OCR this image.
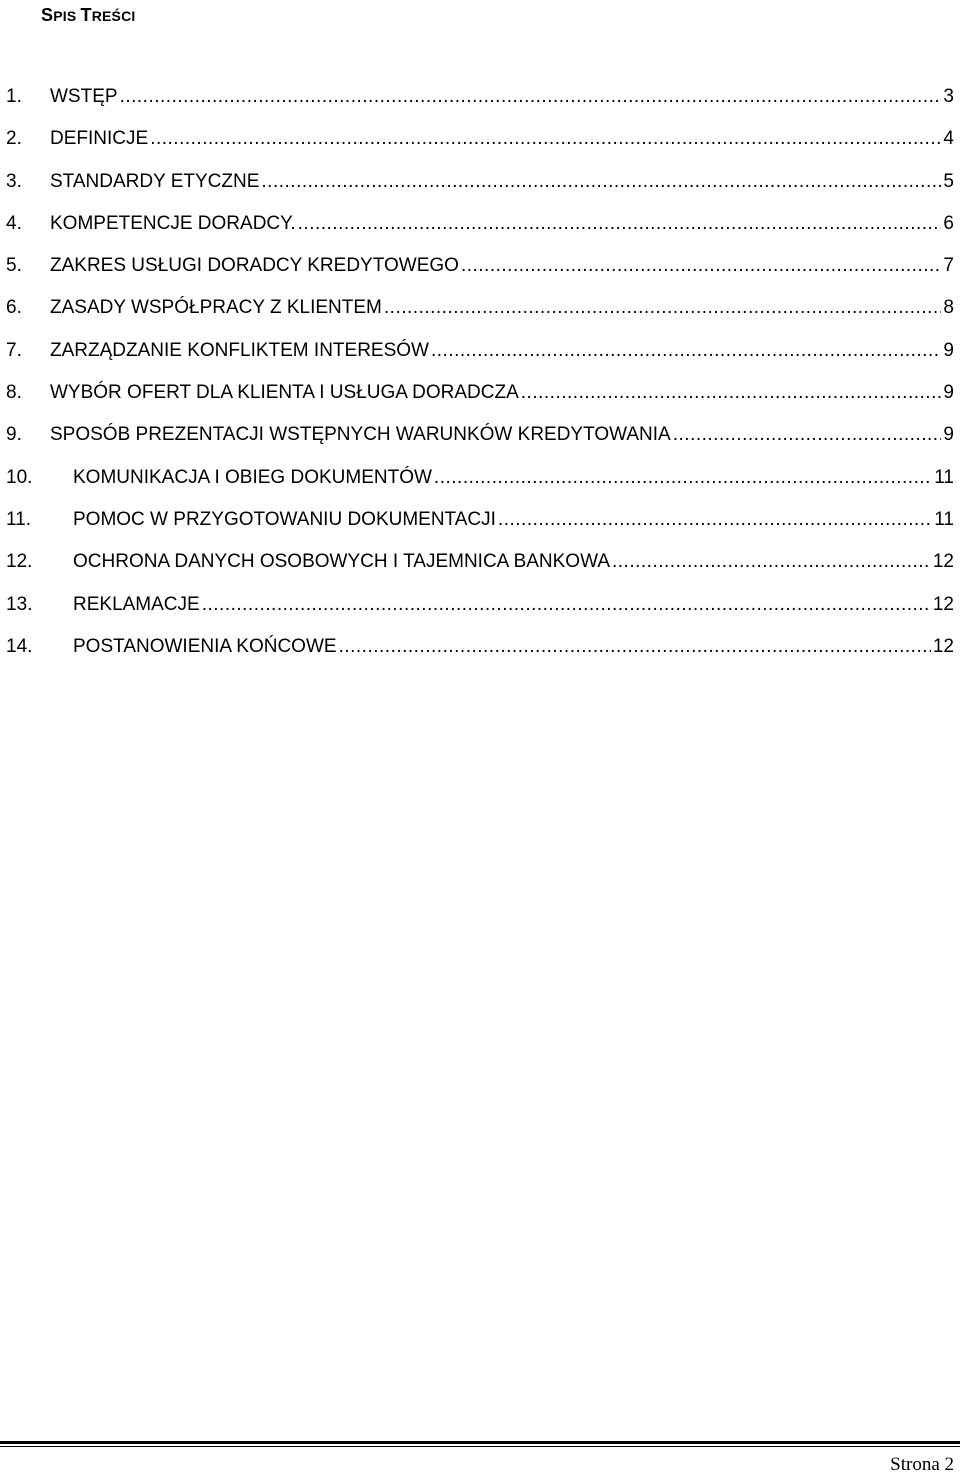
SPIS TREŚCI
1.	WSTĘP .....	3
2.	DEFINICJE .....	4
3.	STANDARDY ETYCZNE .....	5
4.	KOMPETENCJE DORADCY. .....	6
5.	ZAKRES USŁUGI DORADCY KREDYTOWEGO .....	7
6.	ZASADY WSPÓŁPRACY Z KLIENTEM .....	8
7.	ZARZĄDZANIE KONFLIKTEM INTERESÓW .....	9
8.	WYBÓR OFERT DLA KLIENTA I USŁUGA DORADCZA .....	9
9.	SPOSÓB PREZENTACJI WSTĘPNYCH WARUNKÓW KREDYTOWANIA .....	9
10.	KOMUNIKACJA I OBIEG DOKUMENTÓW .....	11
11.	POMOC W PRZYGOTOWANIU DOKUMENTACJI .....	11
12.	OCHRONA DANYCH OSOBOWYCH I TAJEMNICA BANKOWA .....	12
13.	REKLAMACJE .....	12
14.	POSTANOWIENIA KOŃCOWE .....	12
Strona 2
